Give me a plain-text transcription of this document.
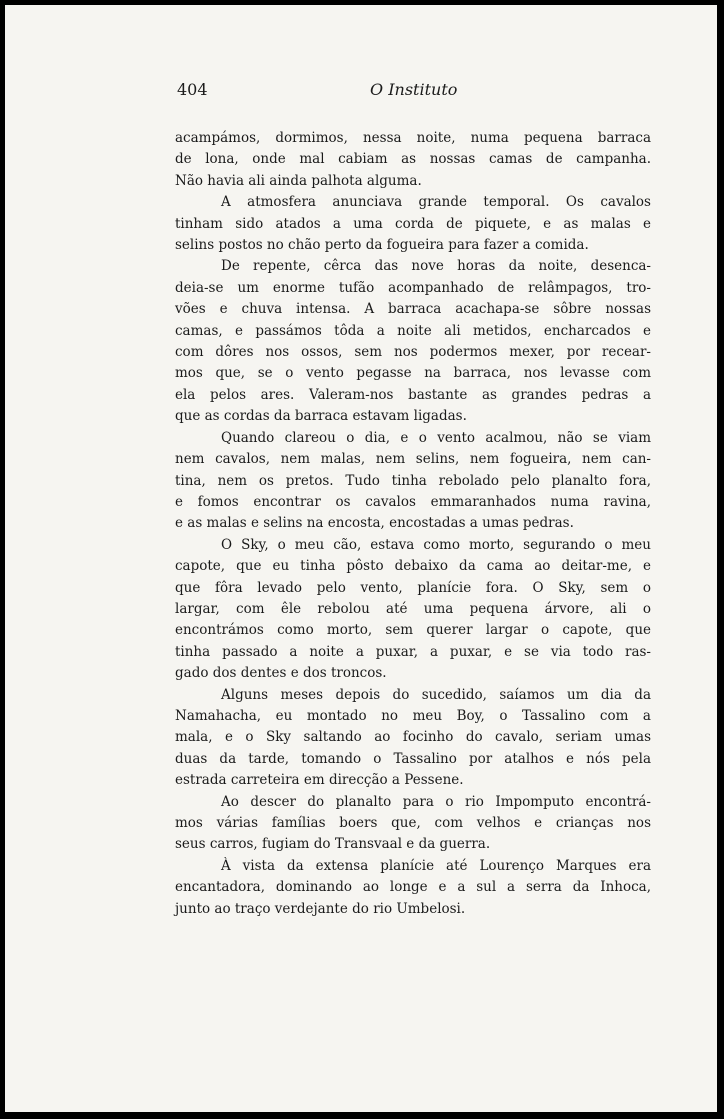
404	O Instituto
acampámos, dormimos, nessa noite, numa pequena barraca
de lona, onde mal cabiam as nossas camas de campanha.
Não havia ali ainda palhota alguma.
A atmosfera anunciava grande temporal. Os cavalos
tinham sido atados a uma corda de piquete, e as malas e
selins postos no chão perto da fogueira para fazer a comida.
De repente, cêrca das nove horas da noite, desenca-
deia-se um enorme tufão acompanhado de relâmpagos, tro-
vões e chuva intensa. A barraca acachapa-se sôbre nossas
camas, e passámos tôda a noite ali metidos, encharcados e
com dôres nos ossos, sem nos podermos mexer, por recear-
mos que, se o vento pegasse na barraca, nos levasse com
ela pelos ares. Valeram-nos bastante as grandes pedras a
que as cordas da barraca estavam ligadas.
Quando clareou o dia, e o vento acalmou, não se viam
nem cavalos, nem malas, nem selins, nem fogueira, nem can-
tina, nem os pretos. Tudo tinha rebolado pelo planalto fora,
e fomos encontrar os cavalos emmaranhados numa ravina,
e as malas e selins na encosta, encostadas a umas pedras.
O Sky, o meu cão, estava como morto, segurando o meu
capote, que eu tinha pôsto debaixo da cama ao deitar-me, e
que fôra levado pelo vento, planície fora. O Sky, sem o
largar, com êle rebolou até uma pequena árvore, ali o
encontrámos como morto, sem querer largar o capote, que
tinha passado a noite a puxar, a puxar, e se via todo ras-
gado dos dentes e dos troncos.
Alguns meses depois do sucedido, saíamos um dia da
Namahacha, eu montado no meu Boy, o Tassalino com a
mala, e o Sky saltando ao focinho do cavalo, seriam umas
duas da tarde, tomando o Tassalino por atalhos e nós pela
estrada carreteira em direcção a Pessene.
Ao descer do planalto para o rio Impomputo encontrá-
mos várias famílias boers que, com velhos e crianças nos
seus carros, fugiam do Transvaal e da guerra.
À vista da extensa planície até Lourenço Marques era
encantadora, dominando ao longe e a sul a serra da Inhoca,
junto ao traço verdejante do rio Umbelosi.
